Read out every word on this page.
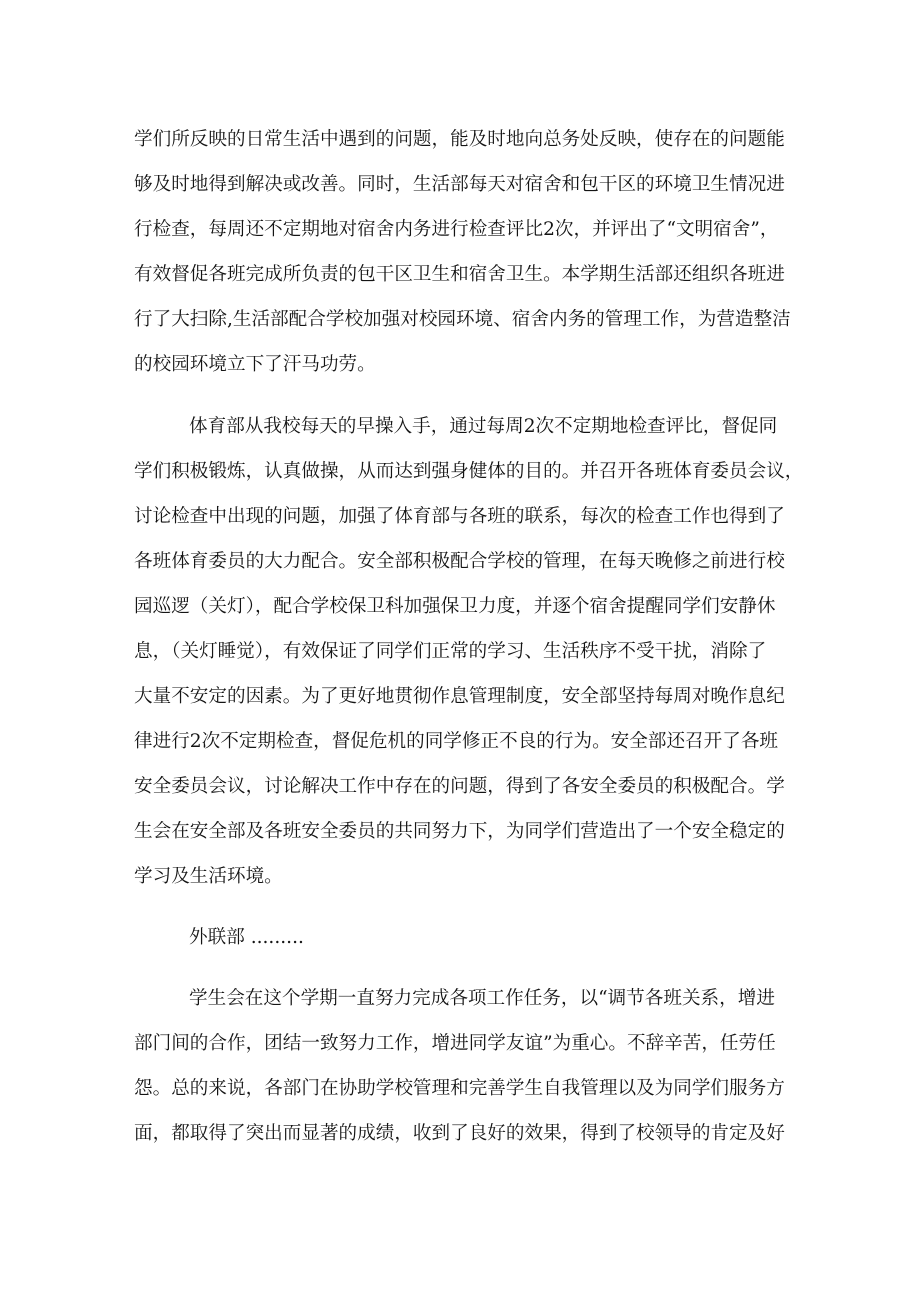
学们所反映的日常生活中遇到的问题，能及时地向总务处反映，使存在的问题能
够及时地得到解决或改善。同时，生活部每天对宿舍和包干区的环境卫生情况进
行检查，每周还不定期地对宿舍内务进行检查评比2次，并评出了“文明宿舍”，
有效督促各班完成所负责的包干区卫生和宿舍卫生。本学期生活部还组织各班进
行了大扫除,生活部配合学校加强对校园环境、宿舍内务的管理工作，为营造整洁
的校园环境立下了汗马功劳。
体育部从我校每天的早操入手，通过每周2次不定期地检查评比，督促同
学们积极锻炼，认真做操，从而达到强身健体的目的。并召开各班体育委员会议，
讨论检查中出现的问题，加强了体育部与各班的联系，每次的检查工作也得到了
各班体育委员的大力配合。安全部积极配合学校的管理，在每天晚修之前进行校
园巡逻（关灯），配合学校保卫科加强保卫力度，并逐个宿舍提醒同学们安静休
息，（关灯睡觉），有效保证了同学们正常的学习、生活秩序不受干扰，消除了
大量不安定的因素。为了更好地贯彻作息管理制度，安全部坚持每周对晚作息纪
律进行2次不定期检查，督促危机的同学修正不良的行为。安全部还召开了各班
安全委员会议，讨论解决工作中存在的问题，得到了各安全委员的积极配合。学
生会在安全部及各班安全委员的共同努力下，为同学们营造出了一个安全稳定的
学习及生活环境。
外联部 .........
学生会在这个学期一直努力完成各项工作任务，以“调节各班关系，增进
部门间的合作，团结一致努力工作，增进同学友谊”为重心。不辞辛苦，任劳任
怨。总的来说，各部门在协助学校管理和完善学生自我管理以及为同学们服务方
面，都取得了突出而显著的成绩，收到了良好的效果，得到了校领导的肯定及好
